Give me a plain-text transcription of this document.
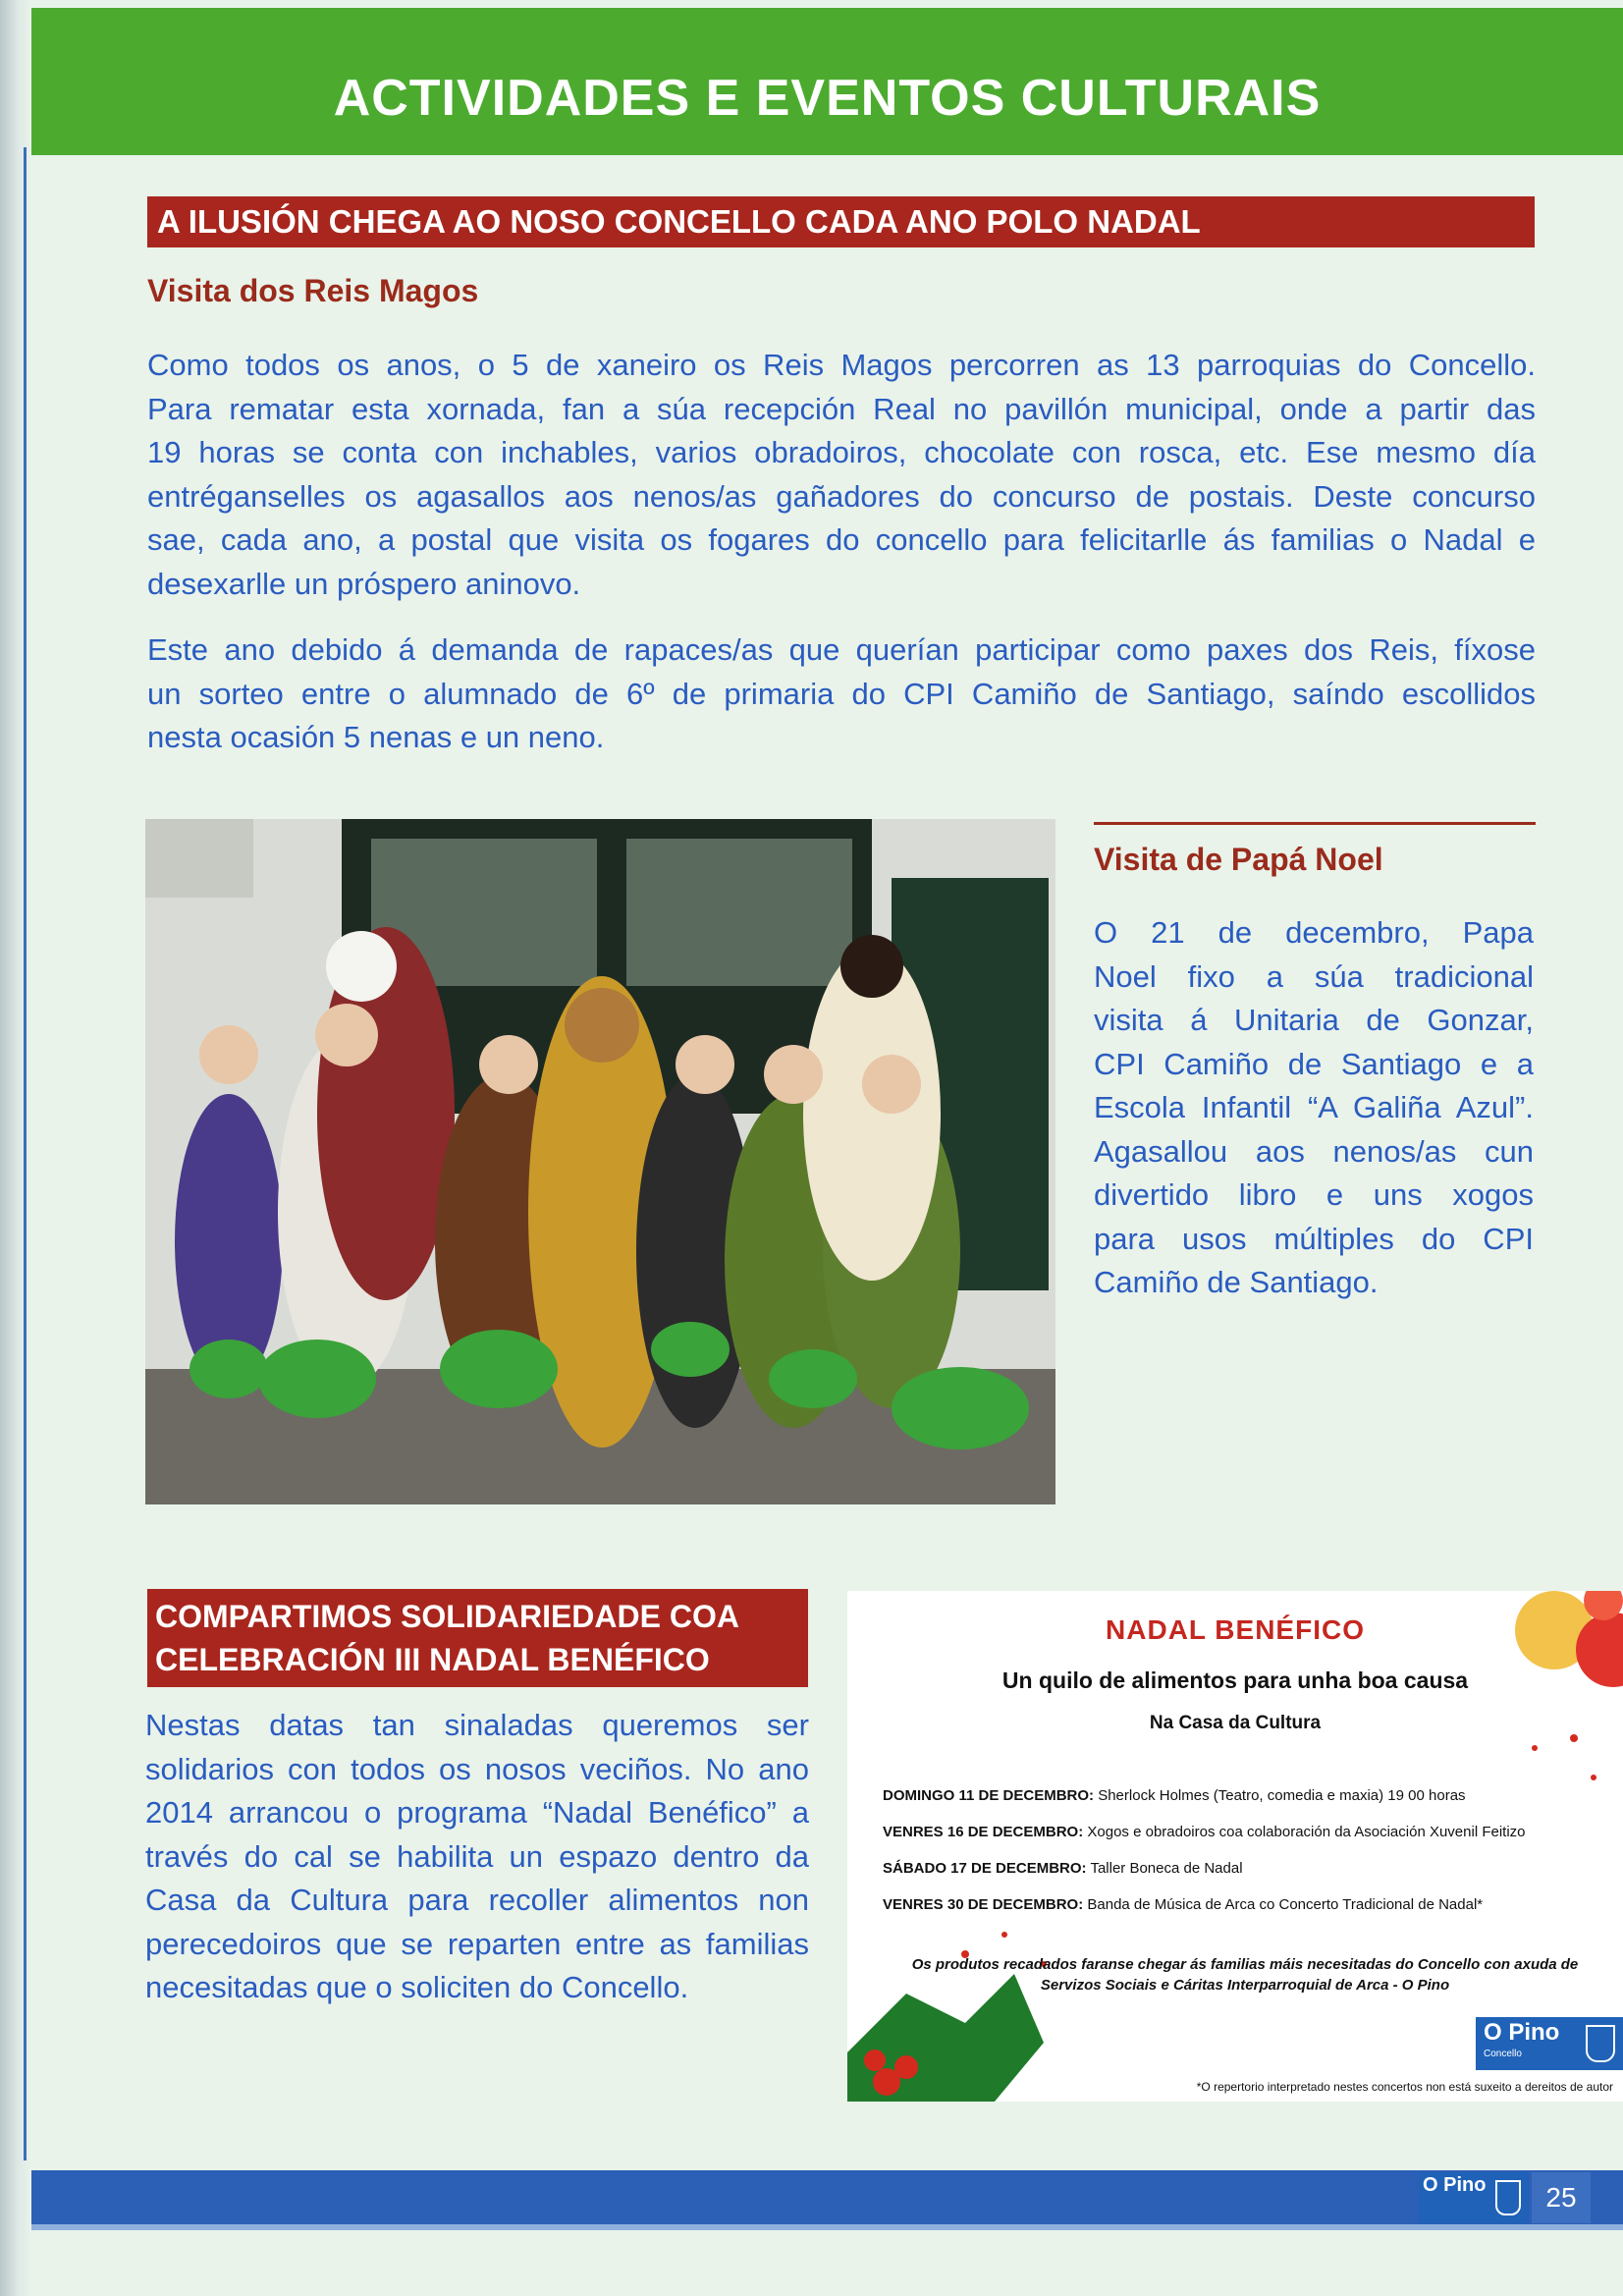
ACTIVIDADES E EVENTOS CULTURAIS
A ILUSIÓN CHEGA AO NOSO CONCELLO CADA ANO POLO NADAL
Visita dos Reis Magos
Como todos os anos, o 5 de xaneiro os Reis Magos percorren as 13 parroquias do Concello.
Para rematar esta xornada, fan a súa recepción Real no pavillón municipal, onde a partir das
19 horas se conta con inchables, varios obradoiros, chocolate con rosca, etc. Ese mesmo día
entréganselles os agasallos aos nenos/as gañadores do concurso de postais. Deste concurso
sae, cada ano, a postal que visita os fogares do concello para felicitarlle ás familias o Nadal e
desexarlle un próspero aninovo.
Este ano debido á demanda de rapaces/as que querían participar como paxes dos Reis, fíxose
un sorteo entre o alumnado de 6º de primaria do CPI Camiño de Santiago, saíndo escollidos
nesta ocasión 5 nenas e un neno.
Visita de Papá Noel
O 21 de decembro, Papa
Noel fixo a súa tradicional
visita á Unitaria de Gonzar,
CPI Camiño de Santiago e a
Escola Infantil “A Galiña Azul”.
Agasallou aos nenos/as cun
divertido libro e uns xogos
para usos múltiples do CPI
Camiño de Santiago.
COMPARTIMOS SOLIDARIEDADE COA
CELEBRACIÓN III NADAL BENÉFICO
Nestas datas tan sinaladas queremos ser
solidarios con todos os nosos veciños. No ano
2014 arrancou o programa “Nadal Benéfico” a
través do cal se habilita un espazo dentro da
Casa da Cultura para recoller alimentos non
perecedoiros que se reparten entre as familias
necesitadas que o soliciten do Concello.
NADAL BENÉFICO
Un quilo de alimentos para unha boa causa
Na Casa da Cultura
DOMINGO 11 DE DECEMBRO: Sherlock Holmes (Teatro, comedia e maxia) 19 00 horas
VENRES 16 DE DECEMBRO: Xogos e obradoiros coa colaboración da Asociación Xuvenil Feitizo
SÁBADO 17 DE DECEMBRO: Taller Boneca de Nadal
VENRES 30 DE DECEMBRO: Banda de Música de Arca co Concerto Tradicional de Nadal*
Os produtos recadados faranse chegar ás familias máis necesitadas do Concello con axuda de
Servizos Sociais e Cáritas Interparroquial de Arca - O Pino
O Pino
Concello
*O repertorio interpretado nestes concertos non está suxeito a dereitos de autor
O Pino	25
